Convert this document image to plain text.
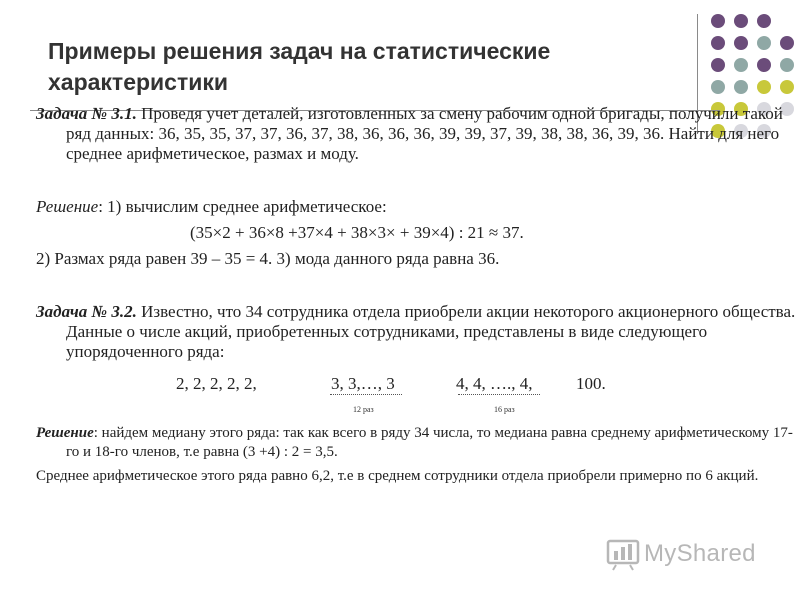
Примеры решения задач на статистические характеристики
Задача № 3.1. Проведя учет деталей, изготовленных за смену рабочим одной бригады, получили такой ряд данных: 36, 35, 35, 37, 37, 36, 37, 38, 36, 36, 36, 39, 39, 37, 39, 38, 38, 36, 39, 36. Найти для него среднее арифметическое, размах и моду.
Решение: 1) вычислим среднее арифметическое:
(35×2 + 36×8 +37×4 + 38×3× + 39×4) : 21 ≈ 37.
2) Размах ряда равен 39 – 35 = 4. 3) мода данного ряда равна 36.
Задача № 3.2. Известно, что 34 сотрудника отдела приобрели акции некоторого акционерного общества. Данные о числе акций, приобретенных сотрудниками, представлены в виде следующего упорядоченного ряда:
2, 2, 2, 2, 2,	3, 3,…, 3	4, 4, …., 4,	100.
12 раз	16 раз
Решение: найдем медиану этого ряда: так как всего в ряду 34 числа, то медиана равна среднему арифметическому 17-го и 18-го членов, т.е равна (3 +4) : 2 = 3,5.
Среднее арифметическое этого ряда равно 6,2, т.е в среднем сотрудники отдела приобрели примерно по 6 акций.
MyShared
